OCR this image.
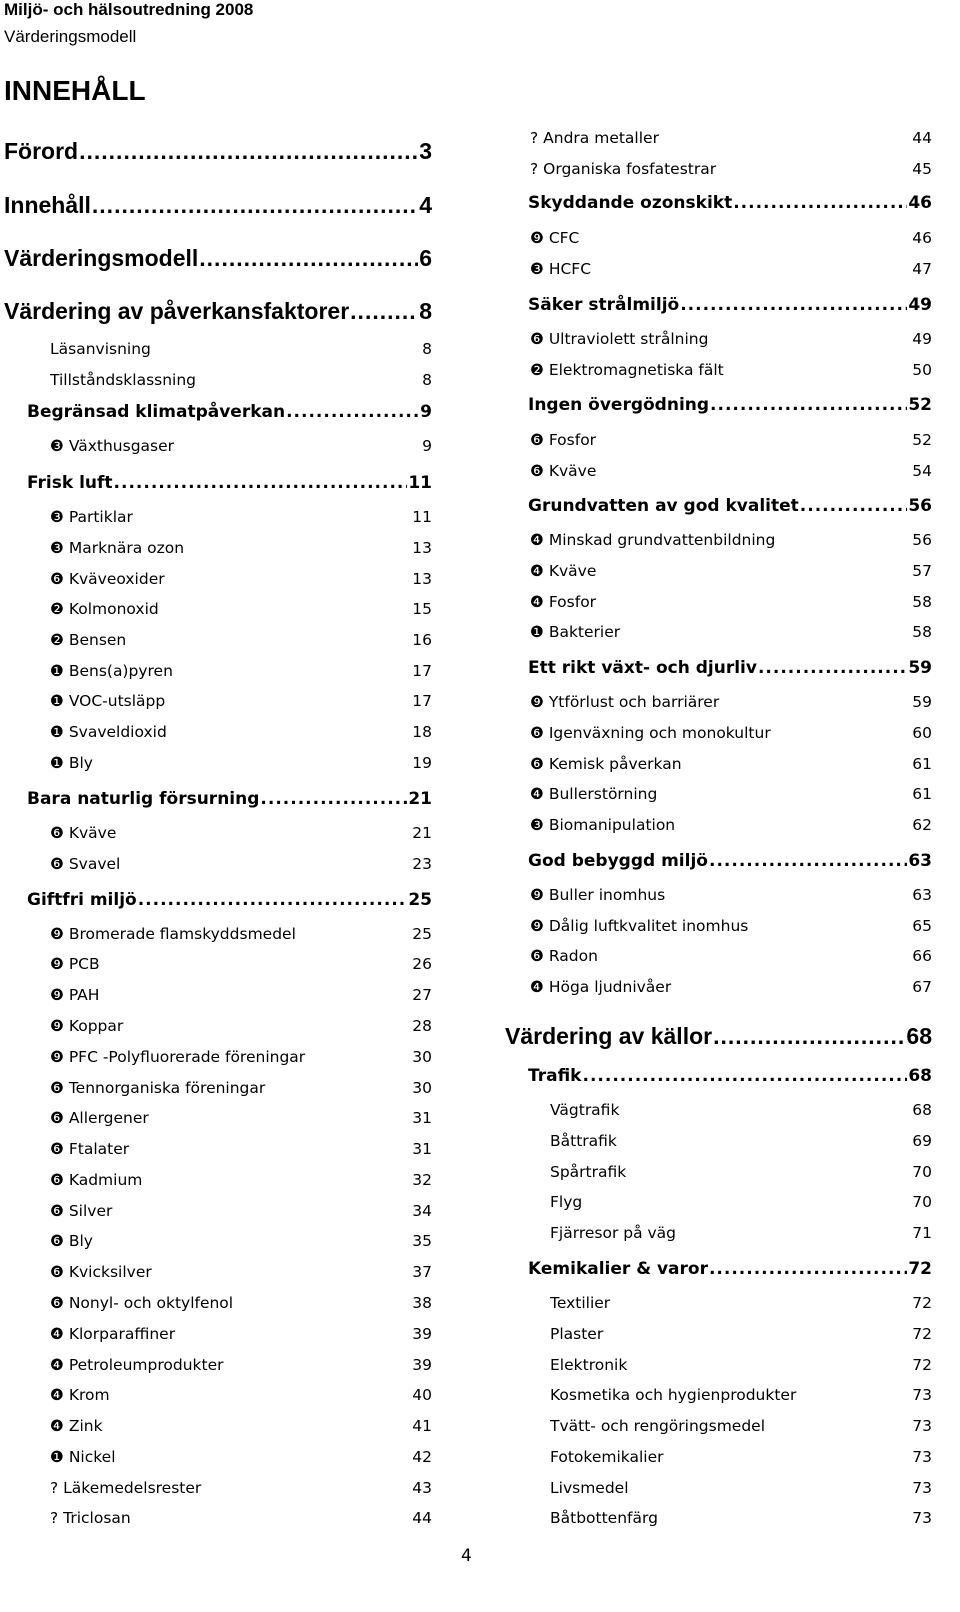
Miljö- och hälsoutredning 2008
Värderingsmodell
INNEHÅLL
Förord .....	3
Innehåll .....	4
Värderingsmodell .....	6
Värdering av påverkansfaktorer .....	8
Läsanvisning	8
Tillståndsklassning	8
Begränsad klimatpåverkan .....	9
❸ Växthusgaser	9
Frisk luft .....	11
❸ Partiklar	11
❸ Marknära ozon	13
❻ Kväveoxider	13
❷ Kolmonoxid	15
❷ Bensen	16
❶ Bens(a)pyren	17
❶ VOC-utsläpp	17
❶ Svaveldioxid	18
❶ Bly	19
Bara naturlig försurning .....	21
❻ Kväve	21
❻ Svavel	23
Giftfri miljö .....	25
❾ Bromerade flamskyddsmedel	25
❾ PCB	26
❾ PAH	27
❾ Koppar	28
❾ PFC -Polyfluorerade föreningar	30
❻ Tennorganiska föreningar	30
❻ Allergener	31
❻ Ftalater	31
❻ Kadmium	32
❻ Silver	34
❻ Bly	35
❻ Kvicksilver	37
❻ Nonyl- och oktylfenol	38
❹ Klorparaffiner	39
❹ Petroleumprodukter	39
❹ Krom	40
❹ Zink	41
❶ Nickel	42
? Läkemedelsrester	43
? Triclosan	44
? Andra metaller	44
? Organiska fosfatestrar	45
Skyddande ozonskikt .....	46
❾ CFC	46
❸ HCFC	47
Säker strålmiljö .....	49
❻ Ultraviolett strålning	49
❷ Elektromagnetiska fält	50
Ingen övergödning .....	52
❻ Fosfor	52
❻ Kväve	54
Grundvatten av god kvalitet .....	56
❹ Minskad grundvattenbildning	56
❹ Kväve	57
❹ Fosfor	58
❶ Bakterier	58
Ett rikt växt- och djurliv .....	59
❾ Ytförlust och barriärer	59
❻ Igenväxning och monokultur	60
❻ Kemisk påverkan	61
❹ Bullerstörning	61
❸ Biomanipulation	62
God bebyggd miljö .....	63
❾ Buller inomhus	63
❾ Dålig luftkvalitet inomhus	65
❻ Radon	66
❹ Höga ljudnivåer	67
Värdering av källor .....	68
Trafik .....	68
Vägtrafik	68
Båttrafik	69
Spårtrafik	70
Flyg	70
Fjärresor på väg	71
Kemikalier & varor .....	72
Textilier	72
Plaster	72
Elektronik	72
Kosmetika och hygienprodukter	73
Tvätt- och rengöringsmedel	73
Fotokemikalier	73
Livsmedel	73
Båtbottenfärg	73
4
